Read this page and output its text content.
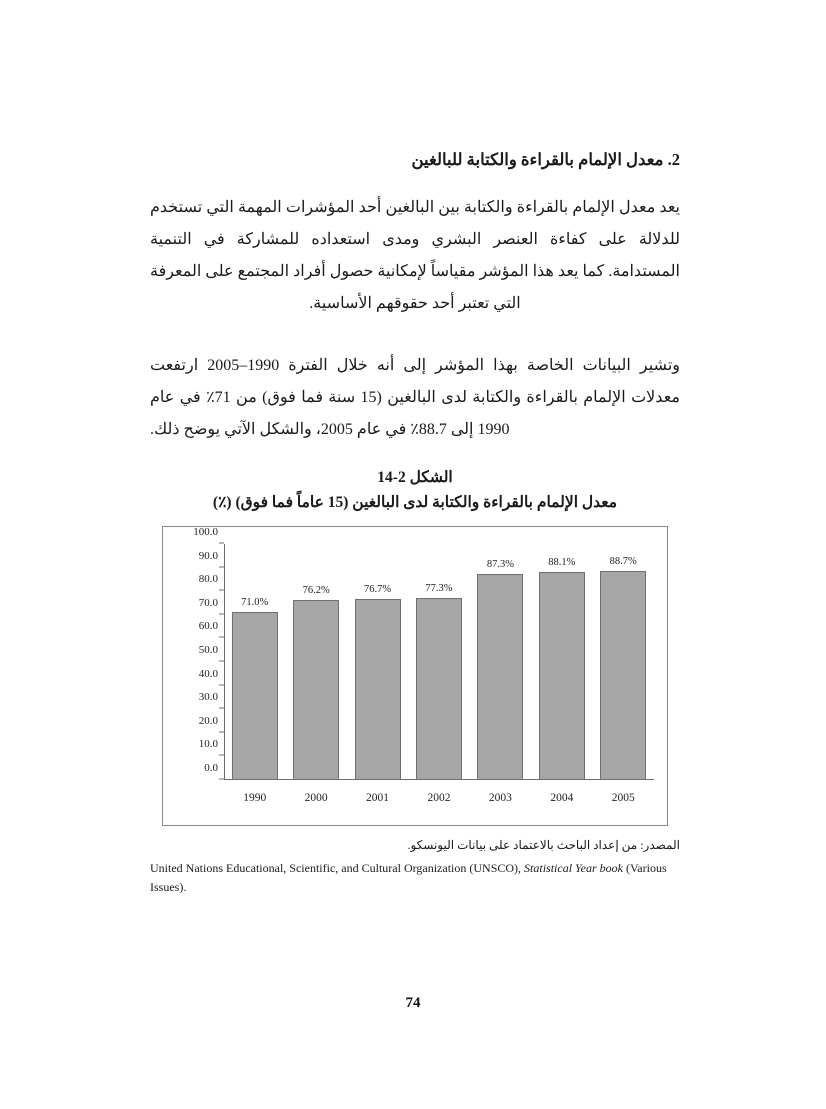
2. معدل الإلمام بالقراءة والكتابة للبالغين

يعد معدل الإلمام بالقراءة والكتابة بين البالغين أحد المؤشرات المهمة التي تستخدم للدلالة على كفاءة العنصر البشري ومدى استعداده للمشاركة في التنمية المستدامة. كما يعد هذا المؤشر مقياساً لإمكانية حصول أفراد المجتمع على المعرفة التي تعتبر أحد حقوقهم الأساسية.

وتشير البيانات الخاصة بهذا المؤشر إلى أنه خلال الفترة 1990–2005 ارتفعت معدلات الإلمام بالقراءة والكتابة لدى البالغين (15 سنة فما فوق) من 71٪ في عام 1990 إلى 88.7٪ في عام 2005، والشكل الآتي يوضح ذلك.

الشكل 2-14
معدل الإلمام بالقراءة والكتابة لدى البالغين (15 عاماً فما فوق) (٪)
0.0
10.0
20.0
30.0
40.0
50.0
60.0
70.0
80.0
90.0
100.0
71.0%
76.2%	76.7%	77.3%
87.3%	88.1%	88.7%
1990	2000	2001	2002	2003	2004	2005
المصدر: من إعداد الباحث بالاعتماد على بيانات اليونسكو.
United Nations Educational, Scientific, and Cultural Organization (UNSCO), Statistical Year book (Various Issues).
74
